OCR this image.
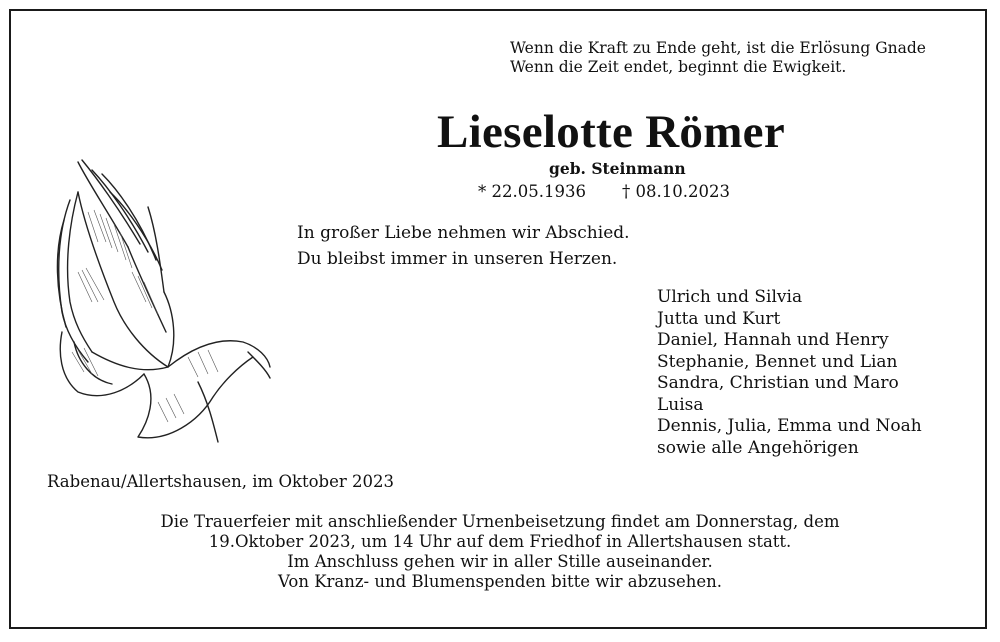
Wenn die Kraft zu Ende geht, ist die Erlösung Gnade
Wenn die Zeit endet, beginnt die Ewigkeit.
Lieselotte Römer
geb. Steinmann
* 22.05.1936 † 08.10.2023
In großer Liebe nehmen wir Abschied.
Du bleibst immer in unseren Herzen.
Ulrich und Silvia
Jutta und Kurt
Daniel, Hannah und Henry
Stephanie, Bennet und Lian
Sandra, Christian und Maro
Luisa
Dennis, Julia, Emma und Noah
sowie alle Angehörigen
Rabenau/Allertshausen, im Oktober 2023
Die Trauerfeier mit anschließender Urnenbeisetzung findet am Donnerstag, dem
19.Oktober 2023, um 14 Uhr auf dem Friedhof in Allertshausen statt.
Im Anschluss gehen wir in aller Stille auseinander.
Von Kranz- und Blumenspenden bitte wir abzusehen.
